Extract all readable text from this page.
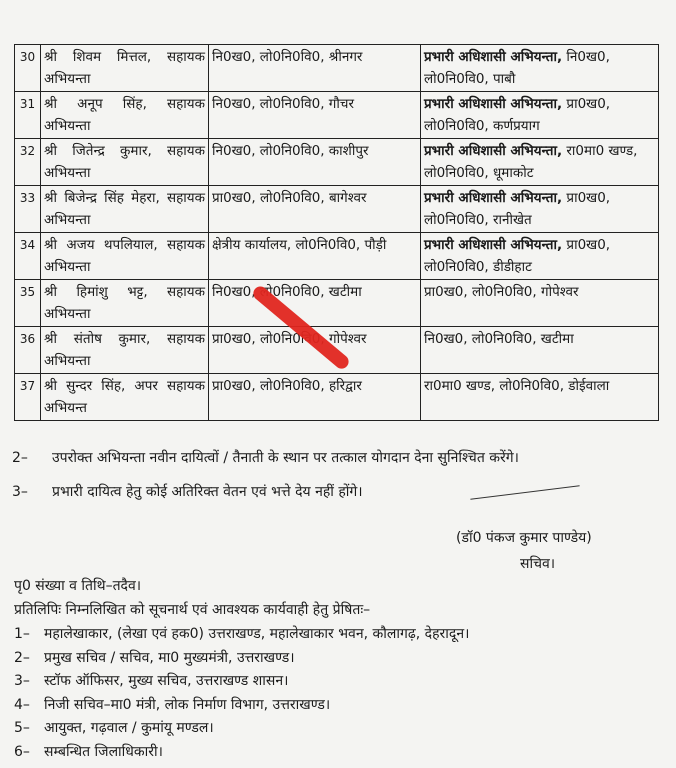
30	श्री शिवम मित्तल, सहायक अभियन्ता	नि0ख0, लो0नि0वि0, श्रीनगर	प्रभारी अधिशासी अभियन्ता, नि0ख0, लो0नि0वि0, पाबौ
31	श्री अनूप सिंह, सहायक अभियन्ता	नि0ख0, लो0नि0वि0, गौचर	प्रभारी अधिशासी अभियन्ता, प्रा0ख0, लो0नि0वि0, कर्णप्रयाग
32	श्री जितेन्द्र कुमार, सहायक अभियन्ता	नि0ख0, लो0नि0वि0, काशीपुर	प्रभारी अधिशासी अभियन्ता, रा0मा0 खण्ड, लो0नि0वि0, धूमाकोट
33	श्री बिजेन्द्र सिंह मेहरा, सहायक अभियन्ता	प्रा0ख0, लो0नि0वि0, बागेश्वर	प्रभारी अधिशासी अभियन्ता, प्रा0ख0, लो0नि0वि0, रानीखेत
34	श्री अजय थपलियाल, सहायक अभियन्ता	क्षेत्रीय कार्यालय, लो0नि0वि0, पौड़ी	प्रभारी अधिशासी अभियन्ता, प्रा0ख0, लो0नि0वि0, डीडीहाट
35	श्री हिमांशु भट्ट, सहायक अभियन्ता	नि0ख0, लो0नि0वि0, खटीमा	प्रा0ख0, लो0नि0वि0, गोपेश्वर
36	श्री संतोष कुमार, सहायक अभियन्ता	प्रा0ख0, लो0नि0वि0, गोपेश्वर	नि0ख0, लो0नि0वि0, खटीमा
37	श्री सुन्दर सिंह, अपर सहायक अभियन्त	प्रा0ख0, लो0नि0वि0, हरिद्वार	रा0मा0 खण्ड, लो0नि0वि0, डोईवाला
2– उपरोक्त अभियन्ता नवीन दायित्वों / तैनाती के स्थान पर तत्काल योगदान देना सुनिश्चित करेंगे।
3– प्रभारी दायित्व हेतु कोई अतिरिक्त वेतन एवं भत्ते देय नहीं होंगे।
(डॉ0 पंकज कुमार पाण्डेय)
सचिव।
पृ0 संख्या व तिथि–तदैव।
प्रतिलिपिः निम्नलिखित को सूचनार्थ एवं आवश्यक कार्यवाही हेतु प्रेषितः–
1– महालेखाकार, (लेखा एवं हक0) उत्तराखण्ड, महालेखाकार भवन, कौलागढ़, देहरादून।
2– प्रमुख सचिव / सचिव, मा0 मुख्यमंत्री, उत्तराखण्ड।
3– स्टॉफ ऑफिसर, मुख्य सचिव, उत्तराखण्ड शासन।
4– निजी सचिव–मा0 मंत्री, लोक निर्माण विभाग, उत्तराखण्ड।
5– आयुक्त, गढ़वाल / कुमांयू मण्डल।
6– सम्बन्धित जिलाधिकारी।
